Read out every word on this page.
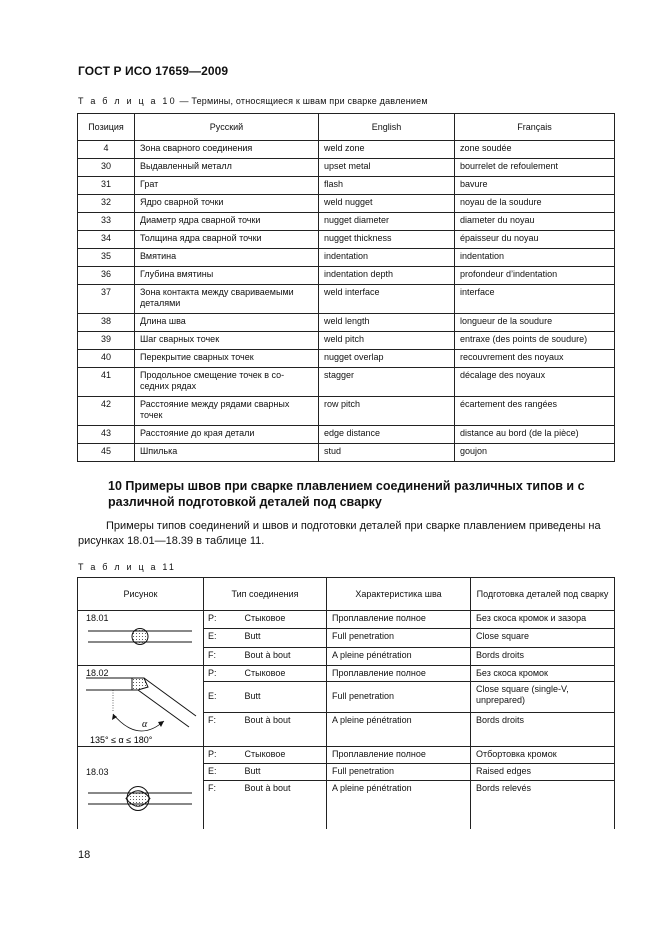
ГОСТ Р ИСО 17659—2009
Т а б л и ц а 10 — Термины, относящиеся к швам при сварке давлением
Позиция	Русский	English	Français
4	Зона сварного соединения	weld zone	zone soudée
30	Выдавленный металл	upset metal	bourrelet de refoulement
31	Грат	flash	bavure
32	Ядро сварной точки	weld nugget	noyau de la soudure
33	Диаметр ядра сварной точки	nugget diameter	diameter du noyau
34	Толщина ядра сварной точки	nugget thickness	épaisseur du noyau
35	Вмятина	indentation	indentation
36	Глубина вмятины	indentation depth	profondeur d’indentation
37	Зона контакта между свариваемыми деталями	weld interface	interface
38	Длина шва	weld length	longueur de la soudure
39	Шаг сварных точек	weld pitch	entraxe (des points de soudure)
40	Перекрытие сварных точек	nugget overlap	recouvrement des noyaux
41	Продольное смещение точек в со-седних рядах	stagger	décalage des noyaux
42	Расстояние между рядами сварных точек	row pitch	écartement des rangées
43	Расстояние до края детали	edge distance	distance au bord (de la pièce)
45	Шпилька	stud	goujon
10 Примеры швов при сварке плавлением соединений различных типов и с различной подготовкой деталей под сварку
Примеры типов соединений и швов и подготовки деталей при сварке плавлением приведены на рисунках 18.01—18.39 в таблице 11.
Т а б л и ц а 11
Рисунок	Тип соединения		Характеристика шва	Подготовка деталей под сварку

18.01	P:	Стыковое	Проплавление полное	Без скоса кромок и зазора
	E:	Butt	Full penetration	Close square
	F:	Bout à bout	A pleine pénétration	Bords droits

18.02
α
135° ≤ α ≤ 180°	P:	Стыковое	Проплавление полное	Без скоса кромок
	E:	Butt	Full penetration	Close square (single-V, unprepared)
	F:	Bout à bout	A pleine pénétration	Bords droits

18.03	P:	Стыковое	Проплавление полное	Отбортовка кромок
	E:	Butt	Full penetration	Raised edges
	F:	Bout à bout	A pleine pénétration	Bords relevés
18
